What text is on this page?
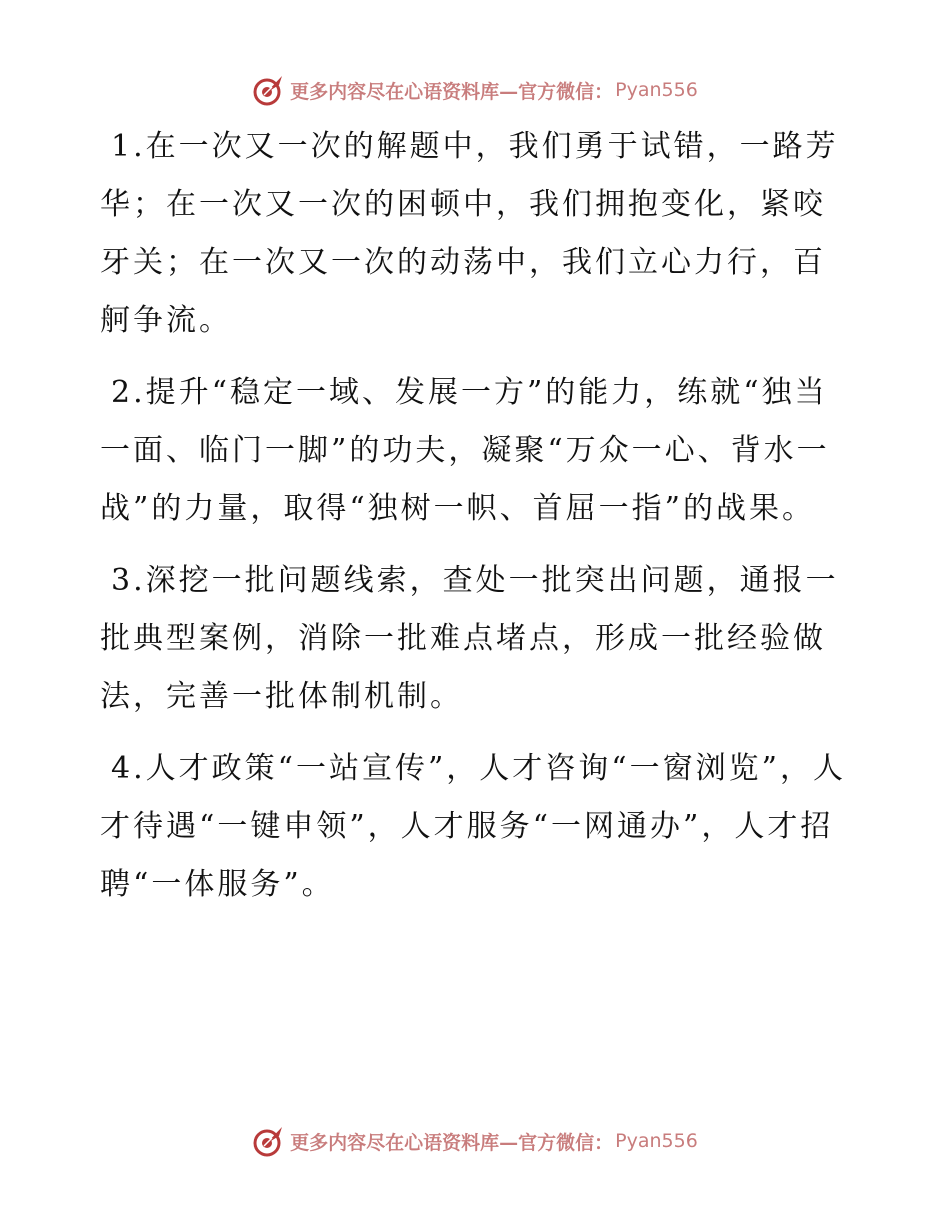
更多内容尽在心语资料库—官方微信： Pyan556

1.在一次又一次的解题中，我们勇于试错，一路芳华；在一次又一次的困顿中，我们拥抱变化，紧咬牙关；在一次又一次的动荡中，我们立心力行，百舸争流。

2.提升“稳定一域、发展一方”的能力，练就“独当一面、临门一脚”的功夫，凝聚“万众一心、背水一战”的力量，取得“独树一帜、首屈一指”的战果。

3.深挖一批问题线索，查处一批突出问题，通报一批典型案例，消除一批难点堵点，形成一批经验做法，完善一批体制机制。

4.人才政策“一站宣传”，人才咨询“一窗浏览”，人才待遇“一键申领”，人才服务“一网通办”，人才招聘“一体服务”。

更多内容尽在心语资料库—官方微信： Pyan556
